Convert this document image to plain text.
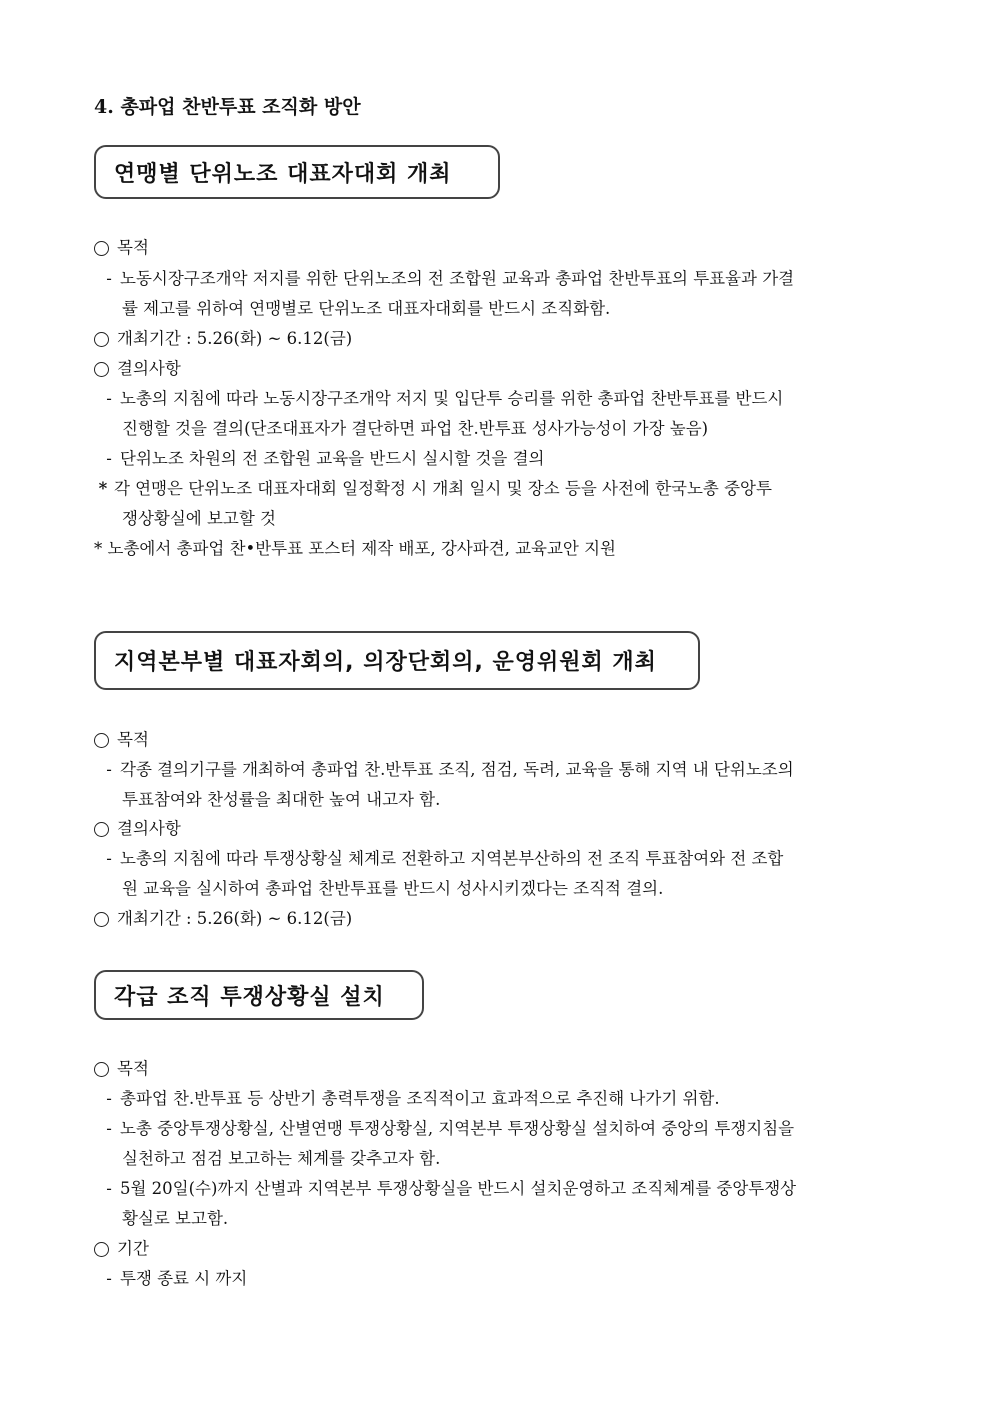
4. 총파업 찬반투표 조직화 방안
연맹별 단위노조 대표자대회 개최
지역본부별 대표자회의, 의장단회의, 운영위원회 개최
각급 조직 투쟁상황실 설치
목적
- 노동시장구조개악 저지를 위한 단위노조의 전 조합원 교육과 총파업 찬반투표의 투표율과 가결
률 제고를 위하여 연맹별로 단위노조 대표자대회를 반드시 조직화함.
개최기간 : 5.26(화) ~ 6.12(금)
결의사항
- 노총의 지침에 따라 노동시장구조개악 저지 및 입단투 승리를 위한 총파업 찬반투표를 반드시
진행할 것을 결의(단조대표자가 결단하면 파업 찬.반투표 성사가능성이 가장 높음)
- 단위노조 차원의 전 조합원 교육을 반드시 실시할 것을 결의
* 각 연맹은 단위노조 대표자대회 일정확정 시 개최 일시 및 장소 등을 사전에 한국노총 중앙투
쟁상황실에 보고할 것
* 노총에서 총파업 찬•반투표 포스터 제작 배포, 강사파견, 교육교안 지원
목적
- 각종 결의기구를 개최하여 총파업 찬.반투표 조직, 점검, 독려, 교육을 통해 지역 내 단위노조의
투표참여와 찬성률을 최대한 높여 내고자 함.
결의사항
- 노총의 지침에 따라 투쟁상황실 체계로 전환하고 지역본부산하의 전 조직 투표참여와 전 조합
원 교육을 실시하여 총파업 찬반투표를 반드시 성사시키겠다는 조직적 결의.
개최기간 : 5.26(화) ~ 6.12(금)
목적
- 총파업 찬.반투표 등 상반기 총력투쟁을 조직적이고 효과적으로 추진해 나가기 위함.
- 노총 중앙투쟁상황실, 산별연맹 투쟁상황실, 지역본부 투쟁상황실 설치하여 중앙의 투쟁지침을
실천하고 점검 보고하는 체계를 갖추고자 함.
- 5월 20일(수)까지 산별과 지역본부 투쟁상황실을 반드시 설치운영하고 조직체계를 중앙투쟁상
황실로 보고함.
기간
- 투쟁 종료 시 까지
